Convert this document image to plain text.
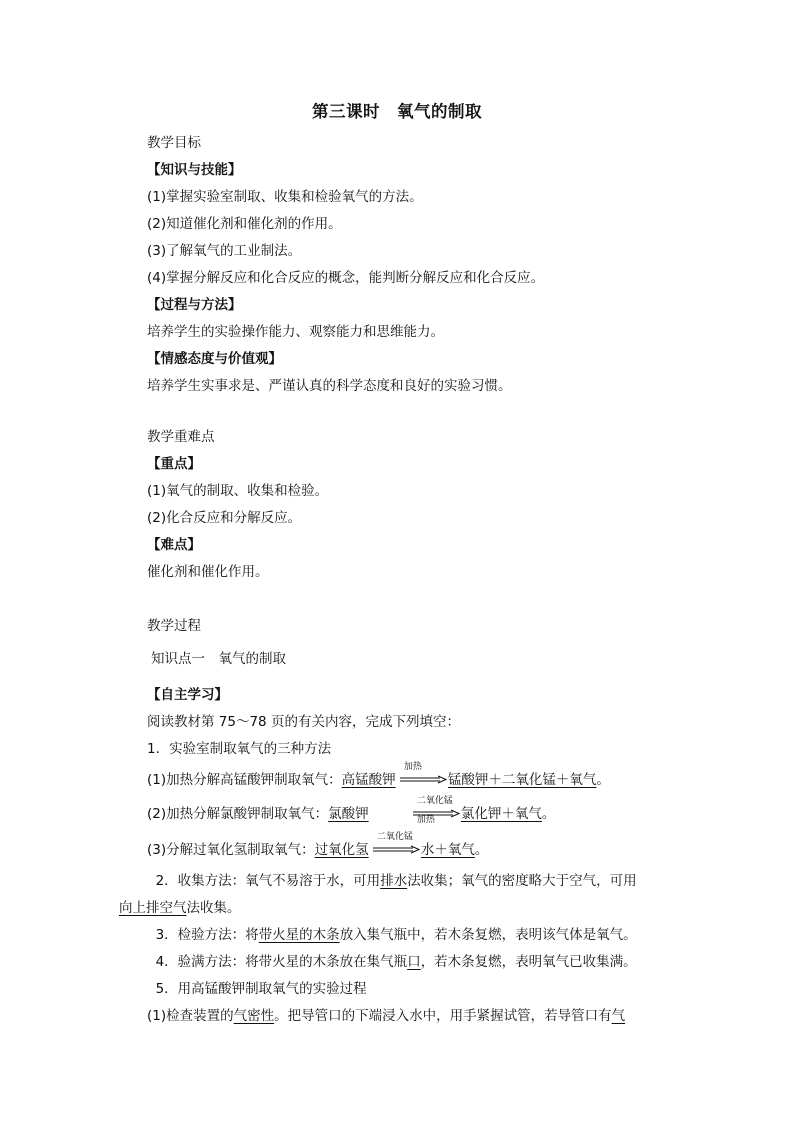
第三课时　氧气的制取
教学目标
【知识与技能】
(1)掌握实验室制取、收集和检验氧气的方法。
(2)知道催化剂和催化剂的作用。
(3)了解氧气的工业制法。
(4)掌握分解反应和化合反应的概念，能判断分解反应和化合反应。
【过程与方法】
培养学生的实验操作能力、观察能力和思维能力。
【情感态度与价值观】
培养学生实事求是、严谨认真的科学态度和良好的实验习惯。
教学重难点
【重点】
(1)氧气的制取、收集和检验。
(2)化合反应和分解反应。
【难点】
催化剂和催化作用。
教学过程
知识点一　氧气的制取
【自主学习】
阅读教材第 75～78 页的有关内容，完成下列填空：
1．实验室制取氧气的三种方法
(1)加热分解高锰酸钾制取氧气：高锰酸钾
加热
锰酸钾＋二氧化锰＋氧气。
(2)加热分解氯酸钾制取氧气：氯酸钾
二氧化锰
加热 氯化钾＋氧气。
(3)分解过氧化氢制取氧气：过氧化氢
二氧化锰
水＋氧气。
2．收集方法：氧气不易溶于水，可用排水法收集；氧气的密度略大于空气，可用
向上排空气法收集。
3．检验方法：将带火星的木条放入集气瓶中，若木条复燃，表明该气体是氧气。
4．验满方法：将带火星的木条放在集气瓶口，若木条复燃，表明氧气已收集满。
5．用高锰酸钾制取氧气的实验过程
(1)检查装置的气密性。把导管口的下端浸入水中，用手紧握试管，若导管口有气
